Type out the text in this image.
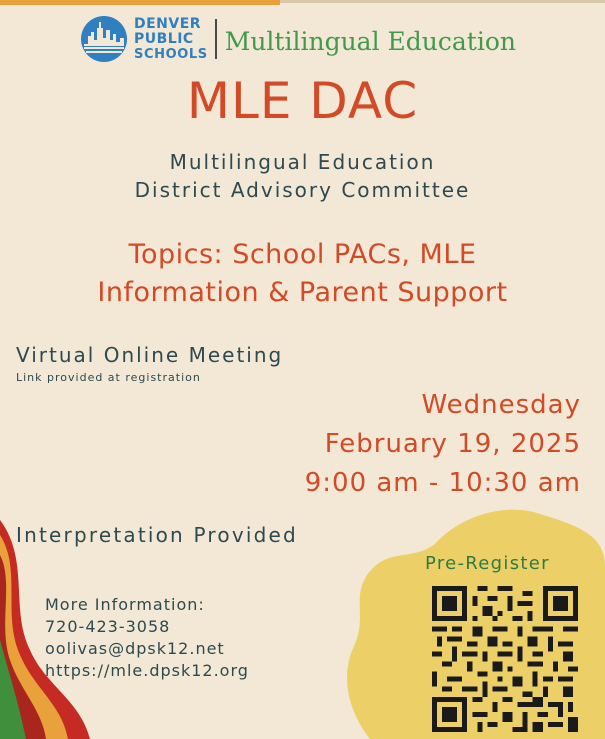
DENVER
PUBLIC
SCHOOLS Multilingual Education
MLE DAC
Multilingual Education
District Advisory Committee
Topics: School PACs, MLE
Information & Parent Support
Virtual Online Meeting
Link provided at registration
Wednesday
February 19, 2025
9:00 am - 10:30 am
Interpretation Provided
More Information:
720-423-3058
oolivas@dpsk12.net
https://mle.dpsk12.org
Pre-Register
